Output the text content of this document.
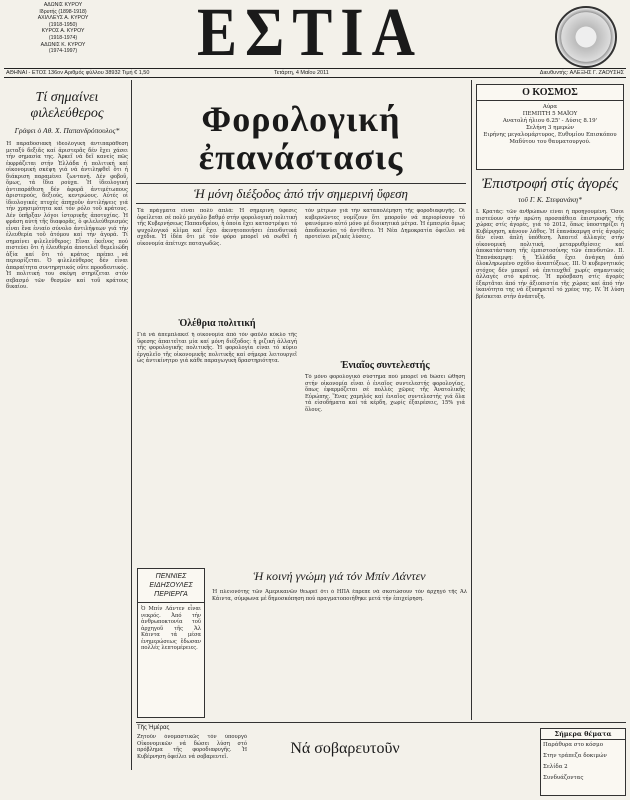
ΑΔΩΝΙΣ ΚΥΡΟΥ
Ιδρυτής (1898-1918)
ΑΧΙΛΛΕΥΣ Α. ΚΥΡΟΥ
(1918-1950)
ΚΥΡΟΣ Α. ΚΥΡΟΥ
(1918-1974)
ΑΔΩΝΙΣ Κ. ΚΥΡΟΥ
(1974-1997)	ΕΣΤΙΑ
ΑΘΗΝΑΙ - ΕΤΟΣ 136ον Αριθμός φύλλου 38932 Τιμή € 1,50	Τετάρτη, 4 Μαΐου 2011	Διευθυντής: ΑΛΕΞΗΣ Γ. ΖΑΟΥΣΗΣ
Τί σημαίνει φιλελεύθερος
Γράφει ὁ Αθ. Χ. Παπανδρόπουλος*
Ἡ παραδοσιακή ἰδεολογική ἀντιπαράθεση μεταξύ δεξιᾶς καί ἀριστερᾶς δέν ἔχει χάσει τήν σημασία της. Ἀρκεῖ νά δεῖ κανείς πῶς ἐκφράζεται στήν Ἑλλάδα ἡ πολιτική καί οἰκονομική σκέψη γιά νά ἀντιληφθεῖ ὅτι ἡ διάκριση παραμένει ζωντανή. Δέν φοβοῦ, ὅμως, τά ἴδια ρούχα. Ἡ ἰδεολογική ἀντιπαράθεση δέν ἀφορᾶ ἀντιμέτωπους ἀριστερούς, δεξιούς, κεντρώους. Αὐτές οἱ ἰδεολογικές πτυχές ἀπηχοῦν ἀντιλήψεις γιά τήν χρησιμότητα καί τόν ρόλο τοῦ κράτους. Δέν ὑπῆρξαν λόγοι ἱστορικῆς ἀποτυχίας. Ἡ φράση αὐτή τῆς διαφορᾶς, ὁ φιλελεύθερισμός εἶναι ἕνα ἑνιαίο σύνολο ἀντιλήψεων γιά τήν ἐλευθερία τοῦ ἀτόμου καί τήν ἀγορά. Τί σημαίνει φιλελεύθερος; Εἶναι ἐκεῖνος πού πιστεύει ὅτι ἡ ἐλευθερία ἀποτελεῖ θεμελιώδη ἀξία καί ὅτι τό κράτος πρέπει νά περιορίζεται. Ὁ φιλελεύθερος δέν εἶναι ἀπαραίτητα συντηρητικός οὔτε προοδευτικός. Ἡ πολιτική του σκέψη στηρίζεται στόν σεβασμό τῶν θεσμῶν καί τοῦ κράτους δικαίου.
Φορολογική ἐπανάστασις
Ἡ μόνη διέξοδος ἀπό τήν σημερινή ὕφεση
Τά πράγματα εἶναι πολύ ἁπλά: Ἡ σημερινή ὕφεσις ὀφείλεται σέ πολύ μεγάλο βαθμό στήν φορολογική πολιτική τῆς Κυβερνήσεως Παπανδρέου, ἡ ὁποία ἔχει καταστρέψει τό ψυχολογικό κλίμα καί ἔχει ἀκινητοποιήσει ἐπενδυτικά σχέδια. Ἡ ἰδέα ὅτι μέ τόν φόρο μπορεῖ νά σωθεῖ ἡ οἰκονομία ἀπέτυχε παταγωδῶς.
Ὁλέθρια πολιτική
Γιά νά ἀπεμπλακεῖ ἡ οἰκονομία ἀπό τόν φαῦλο κύκλο τῆς ὕφεσης ἀπαιτεῖται μία καί μόνη διέξοδος: ἡ ριζική ἀλλαγή τῆς φορολογικῆς πολιτικῆς. Ἡ φορολογία εἶναι τό κύριο ἐργαλεῖο τῆς οἰκονομικῆς πολιτικῆς καί σήμερα λειτουργεῖ ὡς ἀντικίνητρο γιά κάθε παραγωγική δραστηριότητα.
τόν μέτρων γιά τήν καταπολέμηση τῆς φοροδιαφυγῆς. Οἱ κυβερνῶντες νομίζουν ὅτι μποροῦν νά περιορίσουν τό φαινόμενο αὐτό μόνο μέ διοικητικά μέτρα. Ἡ ἐμπειρία ὅμως ἀποδεικνύει τό ἀντίθετο. Ἡ Νέα Δημοκρατία ὀφείλει νά προτείνει ριζικές λύσεις.
Ἐνιαῖος συντελεστής
Τό μόνο φορολογικό σύστημα πού μπορεῖ νά δώσει ὤθηση στήν οἰκονομία εἶναι ὁ ἑνιαῖος συντελεστής φορολογίας, ὅπως ἐφαρμόζεται σέ πολλές χῶρες τῆς Ἀνατολικῆς Εὐρώπης. Ἕνας χαμηλός καί ἑνιαῖος συντελεστής γιά ὅλα τά εἰσοδήματα καί τά κέρδη, χωρίς ἐξαιρέσεις, 15% γιά ὅλους.
Ο ΚΟΣΜΟΣ
Αύρα
ΠΕΜΠΤΗ 5 ΜΑΪΟΥ
Ανατολή ήλιου 6.25' - Δύσις 8.19'
Σελήνη 3 ημερών
Ειρήνης μεγαλομάρτυρος, Ευθυμίου Επισκόπου Μαδύτου του θαυματουργού.
Ἐπιστροφή στίς ἀγορές
τοῦ Γ. Κ. Στεφανάκη*
Ι. Κρατάς: τῶν ἀνθρώπων εἶναι ἡ προηγουμένη. Ὅσοι πιστεύουν στήν πρώτη προσπάθεια ἐπιστροφῆς τῆς χώρας στίς ἀγορές, γιά τό 2012, ὅπως ὑποστηρίζει ἡ Κυβέρνηση, κάνουν λάθος. Ἡ ἐπανάκαμψη στίς ἀγορές δέν εἶναι ἁπλή ὑπόθεση. Ἀπαιτεῖ ἀλλαγές στήν οἰκονομική πολιτική, μεταρρυθμίσεις καί ἀποκατάσταση τῆς ἐμπιστοσύνης τῶν ἐπενδυτῶν. ΙΙ. Ἐπανάκαμψη: ἡ Ἑλλάδα ἔχει ἀνάγκη ἀπό ὁλοκληρωμένο σχέδιο ἀναπτύξεως. ΙΙΙ. Ὁ κυβερνητικός στόχος δέν μπορεῖ νά ἐπιτευχθεῖ χωρίς σημαντικές ἀλλαγές στό κράτος. Ἡ πρόσβαση στίς ἀγορές ἐξαρτᾶται ἀπό τήν ἀξιοπιστία τῆς χώρας καί ἀπό τήν ἱκανότητα της νά ἐξυπηρετεῖ τό χρέος της. ΙV. Ἡ λύση βρίσκεται στήν ἀνάπτυξη.
ΠΕΝΝΙΕΣ ΕΙΔΗΣΟΥΛΕΣ ΠΕΡΙΕΡΓΑ
Ὁ Μπίν Λάντεν εἶναι νεκρός. Ἀπό τήν ἀνθρωποκτονία τοῦ ἀρχηγοῦ τῆς Ἀλ Κάιντα τά μέσα ἐνημερώσεως ἔδωσαν πολλές λεπτομέρειες.
Ἡ κοινή γνώμη γιά τόν Μπίν Λάντεν
Ἡ πλειονότης τῶν Ἀμερικανῶν θεωρεῖ ὅτι ὁ ΗΠΑ ἔπρεπε νά σκοτώσουν τόν ἀρχηγό τῆς Ἀλ Κάιντα, σύμφωνα μέ δημοσκόπηση πού πραγματοποιήθηκε μετά τήν ἐπιχείρηση.
Τῆς Ἡμέρας
Ζητοῦν ὀνομαστικῶς τόν ὑπουργό Οἰκονομικῶν νά δώσει λύση στό πρόβλημα τῆς φοροδιαφυγῆς. Ἡ Κυβέρνηση ὀφείλει νά σοβαρευτεῖ.	Νά σοβαρευτοῦν
Σήμερα θέματα
Παράθυρα στο κόσμο
Στην τράπεζα δοκιμών
Σελίδα 2
Συνδυάζοντας
